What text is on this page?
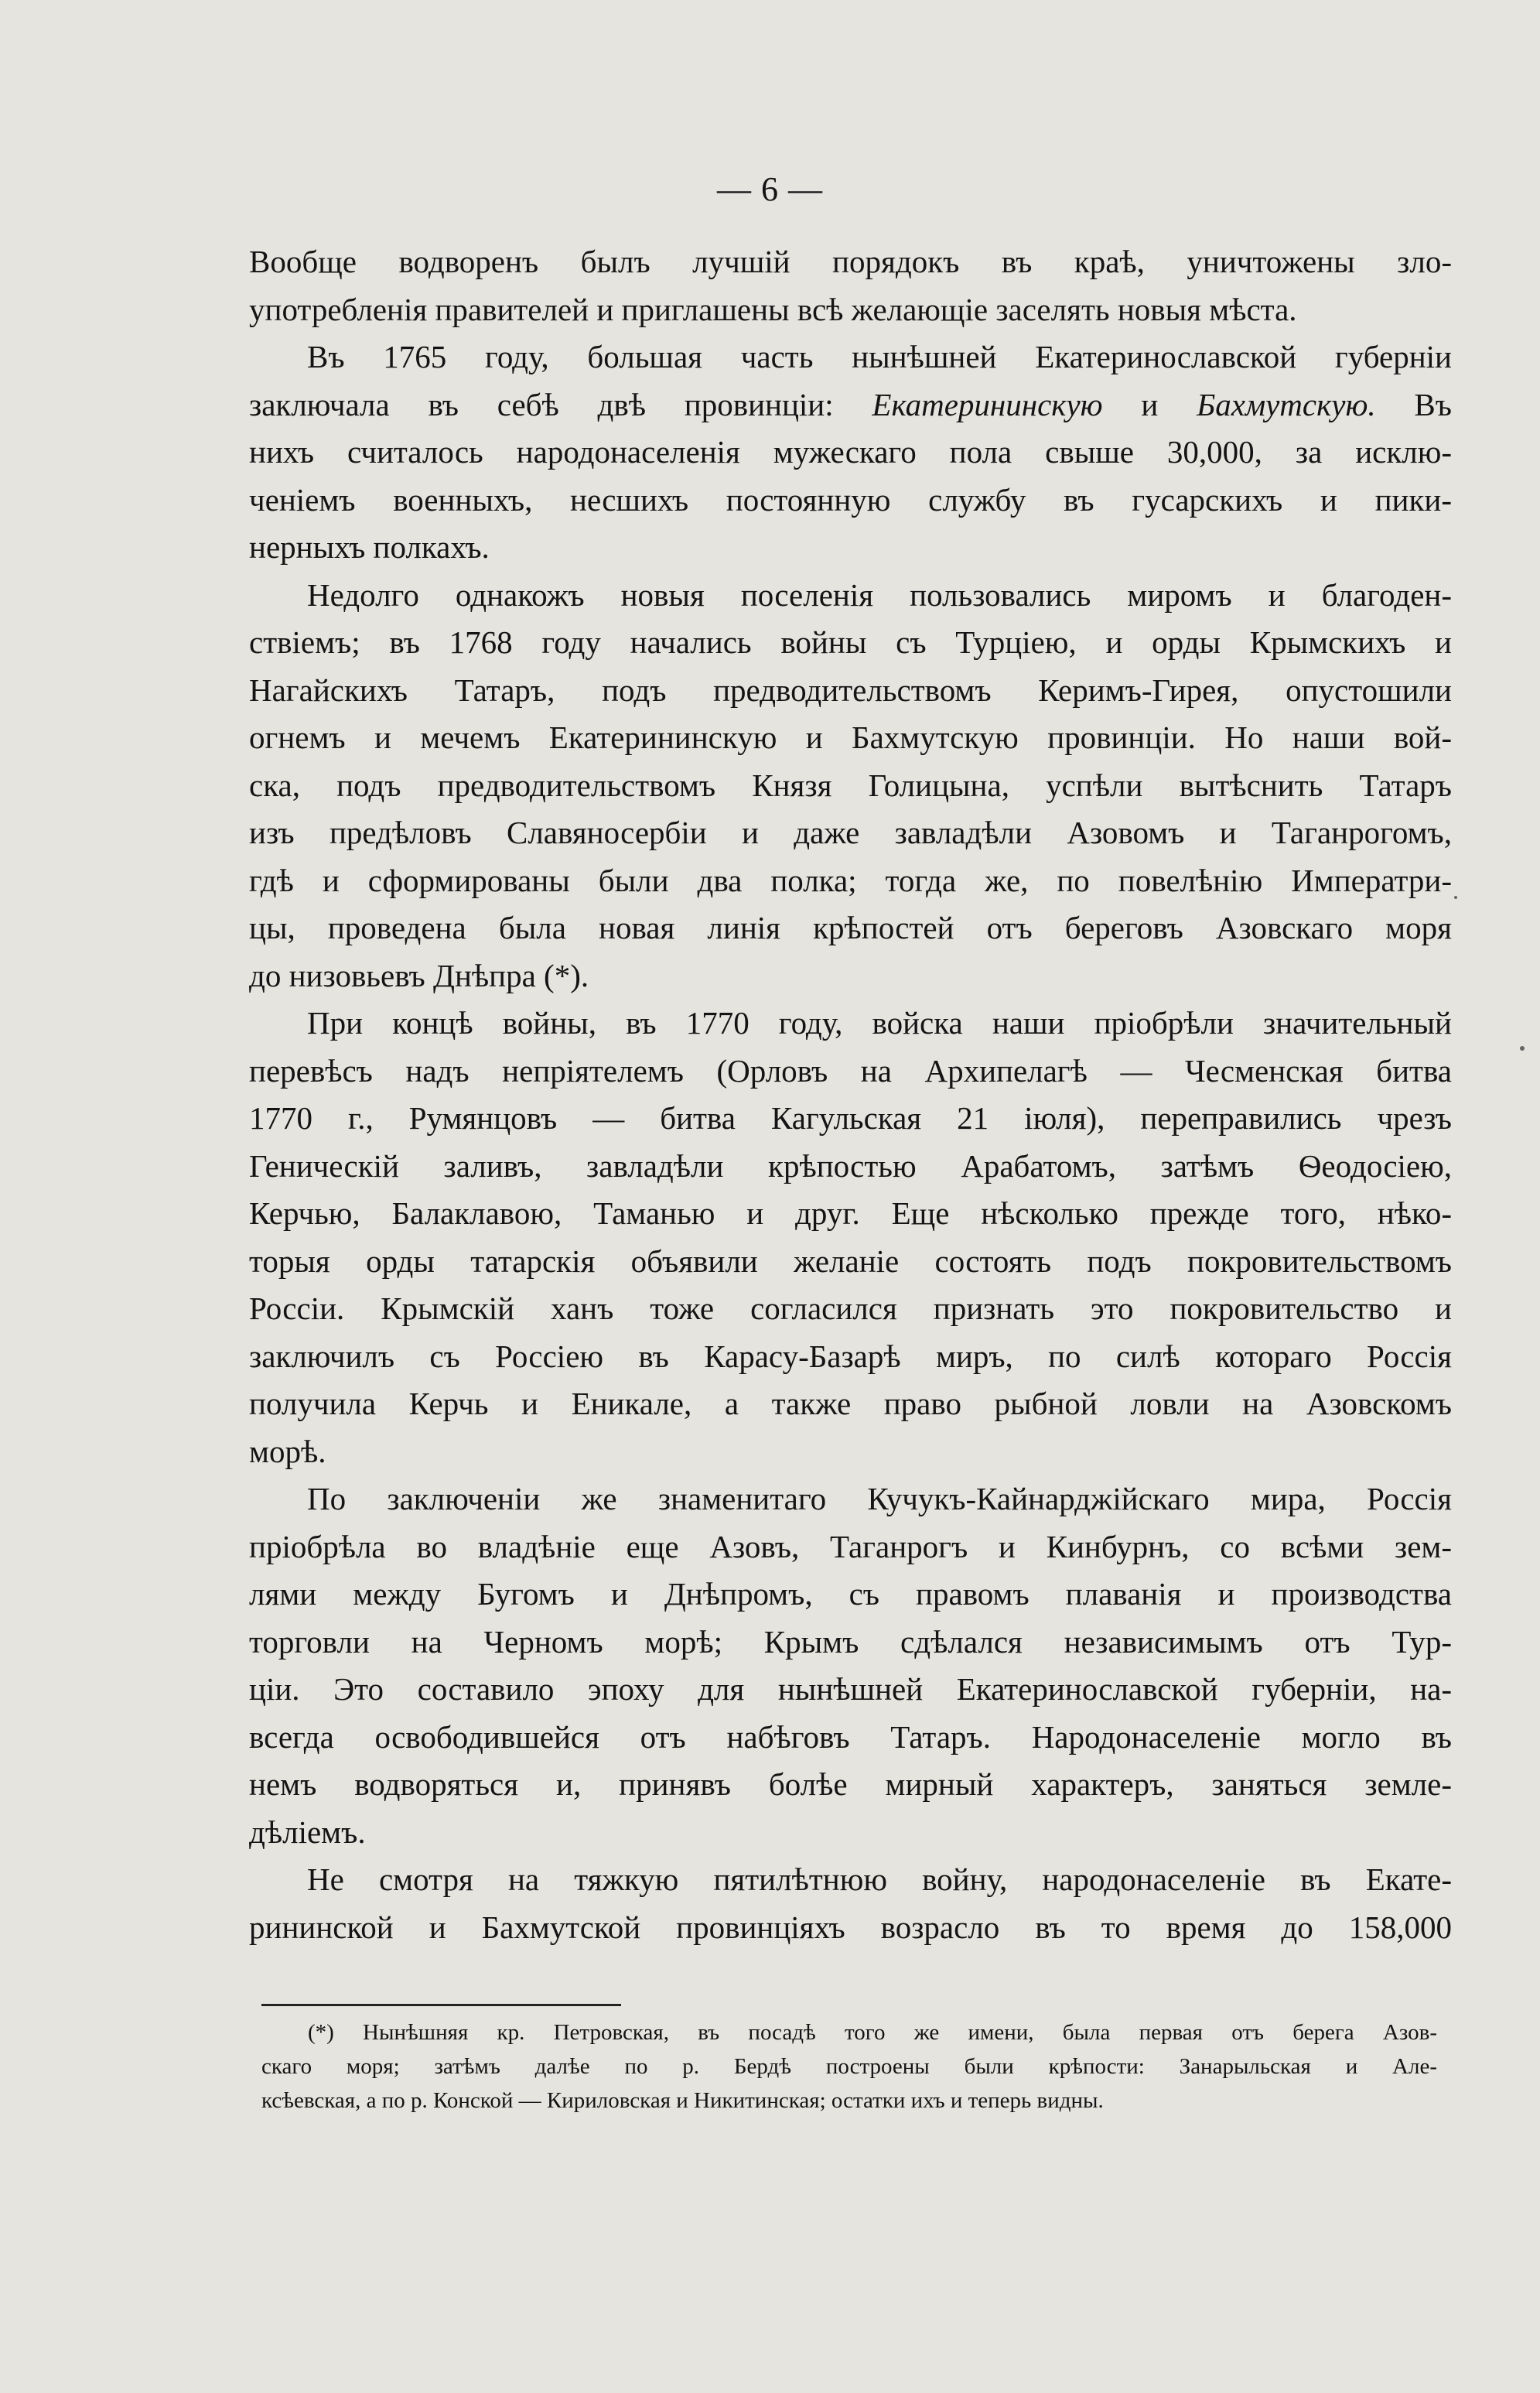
— 6 —
Вообще водворенъ былъ лучшій порядокъ въ краѣ, уничтожены зло-
употребленія правителей и приглашены всѣ желающіе заселять новыя мѣста.
Въ 1765 году, большая часть нынѣшней Екатеринославской губерніи
заключала въ себѣ двѣ провинціи: Екатерининскую и Бахмутскую. Въ
нихъ считалось народонаселенія мужескаго пола свыше 30,000, за исклю-
ченіемъ военныхъ, несшихъ постоянную службу въ гусарскихъ и пики-
нерныхъ полкахъ.
Недолго однакожъ новыя поселенія пользовались миромъ и благоден-
ствіемъ; въ 1768 году начались войны съ Турціею, и орды Крымскихъ и
Нагайскихъ Татаръ, подъ предводительствомъ Керимъ-Гирея, опустошили
огнемъ и мечемъ Екатерининскую и Бахмутскую провинціи. Но наши вой-
ска, подъ предводительствомъ Князя Голицына, успѣли вытѣснить Татаръ
изъ предѣловъ Славяносербіи и даже завладѣли Азовомъ и Таганрогомъ,
гдѣ и сформированы были два полка; тогда же, по повелѣнію Императри-
цы, проведена была новая линія крѣпостей отъ береговъ Азовскаго моря
до низовьевъ Днѣпра (*).
При концѣ войны, въ 1770 году, войска наши пріобрѣли значительный
перевѣсъ надъ непріятелемъ (Орловъ на Архипелагѣ — Чесменская битва
1770 г., Румянцовъ — битва Кагульская 21 іюля), переправились чрезъ
Геническій заливъ, завладѣли крѣпостью Арабатомъ, затѣмъ Ѳеодосіею,
Керчью, Балаклавою, Таманью и друг. Еще нѣсколько прежде того, нѣко-
торыя орды татарскія объявили желаніе состоять подъ покровительствомъ
Россіи. Крымскій ханъ тоже согласился признать это покровительство и
заключилъ съ Россіею въ Карасу-Базарѣ миръ, по силѣ котораго Россія
получила Керчь и Еникале, а также право рыбной ловли на Азовскомъ
морѣ.
По заключеніи же знаменитаго Кучукъ-Кайнарджійскаго мира, Россія
пріобрѣла во владѣніе еще Азовъ, Таганрогъ и Кинбурнъ, со всѣми зем-
лями между Бугомъ и Днѣпромъ, съ правомъ плаванія и производства
торговли на Черномъ морѣ; Крымъ сдѣлался независимымъ отъ Тур-
ціи. Это составило эпоху для нынѣшней Екатеринославской губерніи, на-
всегда освободившейся отъ набѣговъ Татаръ. Народонаселеніе могло въ
немъ водворяться и, принявъ болѣе мирный характеръ, заняться земле-
дѣліемъ.
Не смотря на тяжкую пятилѣтнюю войну, народонаселеніе въ Екате-
рининской и Бахмутской провинціяхъ возрасло въ то время до 158,000
(*) Нынѣшняя кр. Петровская, въ посадѣ того же имени, была первая отъ берега Азов-
скаго моря; затѣмъ далѣе по р. Бердѣ построены были крѣпости: Занарыльская и Але-
ксѣевская, а по р. Конской — Кириловская и Никитинская; остатки ихъ и теперь видны.
